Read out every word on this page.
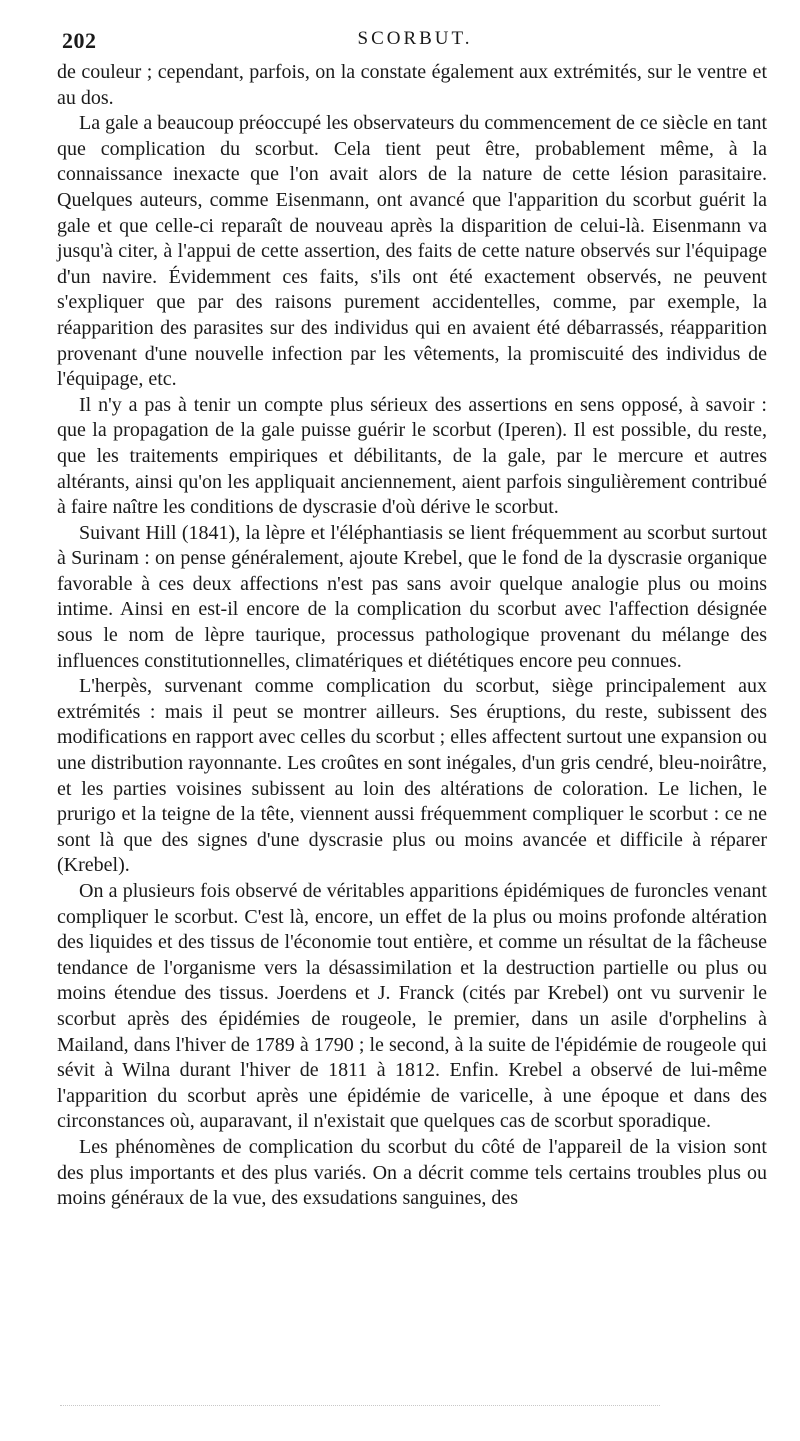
202	SCORBUT.

de couleur ; cependant, parfois, on la constate également aux extrémités, sur le ventre et au dos.

La gale a beaucoup préoccupé les observateurs du commencement de ce siècle en tant que complication du scorbut. Cela tient peut être, probablement même, à la connaissance inexacte que l'on avait alors de la nature de cette lésion parasitaire. Quelques auteurs, comme Eisenmann, ont avancé que l'apparition du scorbut guérit la gale et que celle-ci reparaît de nouveau après la disparition de celui-là. Eisenmann va jusqu'à citer, à l'appui de cette assertion, des faits de cette nature observés sur l'équipage d'un navire. Évidemment ces faits, s'ils ont été exactement observés, ne peuvent s'expliquer que par des raisons purement accidentelles, comme, par exemple, la réapparition des parasites sur des individus qui en avaient été débarrassés, réapparition provenant d'une nouvelle infection par les vêtements, la promiscuité des individus de l'équipage, etc.

Il n'y a pas à tenir un compte plus sérieux des assertions en sens opposé, à savoir : que la propagation de la gale puisse guérir le scorbut (Iperen). Il est possible, du reste, que les traitements empiriques et débilitants, de la gale, par le mercure et autres altérants, ainsi qu'on les appliquait anciennement, aient parfois singulièrement contribué à faire naître les conditions de dyscrasie d'où dérive le scorbut.

Suivant Hill (1841), la lèpre et l'éléphantiasis se lient fréquemment au scorbut surtout à Surinam : on pense généralement, ajoute Krebel, que le fond de la dyscrasie organique favorable à ces deux affections n'est pas sans avoir quelque analogie plus ou moins intime. Ainsi en est-il encore de la complication du scorbut avec l'affection désignée sous le nom de lèpre taurique, processus pathologique provenant du mélange des influences constitutionnelles, climatériques et diététiques encore peu connues.

L'herpès, survenant comme complication du scorbut, siège principalement aux extrémités : mais il peut se montrer ailleurs. Ses éruptions, du reste, subissent des modifications en rapport avec celles du scorbut ; elles affectent surtout une expansion ou une distribution rayonnante. Les croûtes en sont inégales, d'un gris cendré, bleu-noirâtre, et les parties voisines subissent au loin des altérations de coloration. Le lichen, le prurigo et la teigne de la tête, viennent aussi fréquemment compliquer le scorbut : ce ne sont là que des signes d'une dyscrasie plus ou moins avancée et difficile à réparer (Krebel).

On a plusieurs fois observé de véritables apparitions épidémiques de furoncles venant compliquer le scorbut. C'est là, encore, un effet de la plus ou moins profonde altération des liquides et des tissus de l'économie tout entière, et comme un résultat de la fâcheuse tendance de l'organisme vers la désassimilation et la destruction partielle ou plus ou moins étendue des tissus. Joerdens et J. Franck (cités par Krebel) ont vu survenir le scorbut après des épidémies de rougeole, le premier, dans un asile d'orphelins à Mailand, dans l'hiver de 1789 à 1790 ; le second, à la suite de l'épidémie de rougeole qui sévit à Wilna durant l'hiver de 1811 à 1812. Enfin. Krebel a observé de lui-même l'apparition du scorbut après une épidémie de varicelle, à une époque et dans des circonstances où, auparavant, il n'existait que quelques cas de scorbut sporadique.

Les phénomènes de complication du scorbut du côté de l'appareil de la vision sont des plus importants et des plus variés. On a décrit comme tels certains troubles plus ou moins généraux de la vue, des exsudations sanguines, des
